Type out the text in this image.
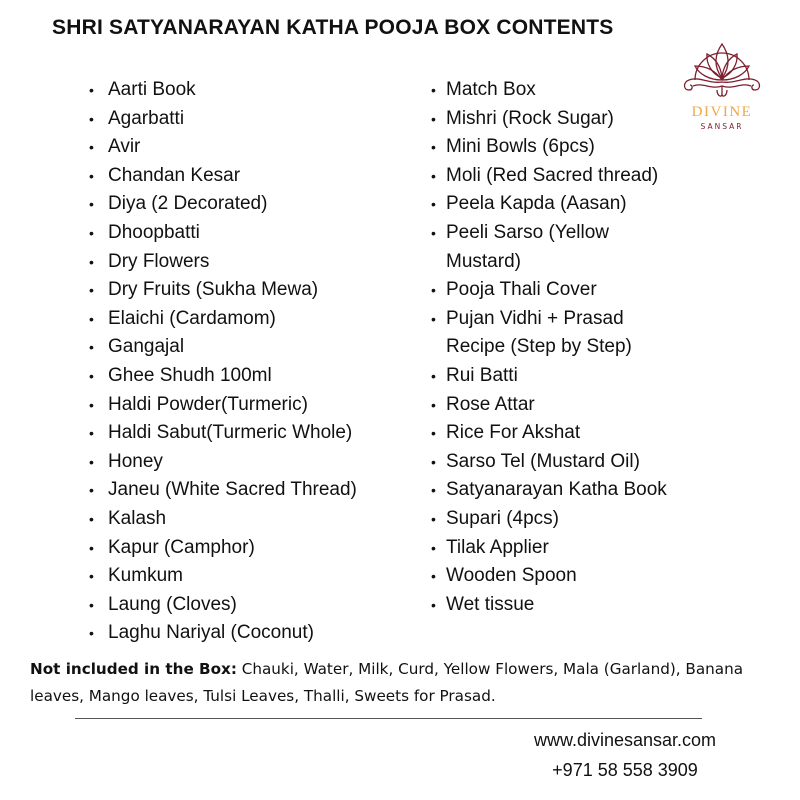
SHRI SATYANARAYAN KATHA POOJA BOX CONTENTS
DIVINE
SANSAR
• Aarti Book
• Agarbatti
• Avir
• Chandan Kesar
• Diya (2 Decorated)
• Dhoopbatti
• Dry Flowers
• Dry Fruits (Sukha Mewa)
• Elaichi (Cardamom)
• Gangajal
• Ghee Shudh 100ml
• Haldi Powder(Turmeric)
• Haldi Sabut(Turmeric Whole)
• Honey
• Janeu (White Sacred Thread)
• Kalash
• Kapur (Camphor)
• Kumkum
• Laung (Cloves)
• Laghu Nariyal (Coconut)
• Match Box
• Mishri (Rock Sugar)
• Mini Bowls (6pcs)
• Moli (Red Sacred thread)
• Peela Kapda (Aasan)
• Peeli Sarso (Yellow Mustard)
• Pooja Thali Cover
• Pujan Vidhi + Prasad Recipe (Step by Step)
• Rui Batti
• Rose Attar
• Rice For Akshat
• Sarso Tel (Mustard Oil)
• Satyanarayan Katha Book
• Supari (4pcs)
• Tilak Applier
• Wooden Spoon
• Wet tissue
Not included in the Box: Chauki, Water, Milk, Curd, Yellow Flowers, Mala (Garland), Banana leaves, Mango leaves, Tulsi Leaves, Thalli, Sweets for Prasad.
www.divinesansar.com
+971 58 558 3909
